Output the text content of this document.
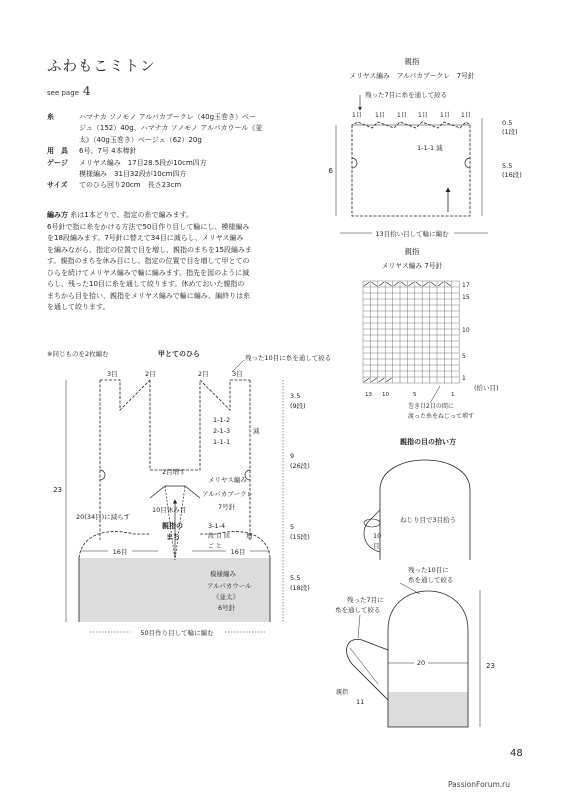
ふわもこミトン
see page 4
糸	ハマナカ ソノモノ アルパカブークレ（40g玉巻き）ベー
ジュ（152）40g、ハマナカ ソノモノ アルパカウール《並
太》（40g玉巻き）ベージュ（62）20g
用　具	6号、7号 4本棒針
ゲージ	メリヤス編み　17目28.5段が10cm四方
模様編み　31目32段が10cm四方
サイズ	てのひら回り20cm　長さ23cm
編み方 糸は1本どりで、指定の糸で編みます。
6号針で指に糸をかける方法で50目作り目して輪にし、模様編み
を18段編みます。7号針に替えて34目に減らし、メリヤス編み
を編みながら、指定の位置で目を増し、親指のまちを15段編みま
す。親指のまちを休み目にし、指定の位置で目を増して甲とての
ひらを続けてメリヤス編みで輪に編みます。指先を図のように減
らし、残った10目に糸を通して絞ります。休めておいた親指の
まちから目を拾い、親指をメリヤス編みで輪に編み、編終りは糸
を通して絞ります。
親指
メリヤス編み　アルパカブークレ　7号針
残った7目に糸を通して絞る
1目 1目 1目 1目 1目 1目
1-1-1 減
6
0.5
(1段)
5.5
(16段)
13目拾い目して輪に編む
親指
メリヤス編み 7号針
17
15
10
5
1
(拾い目)
13 10	5	1
巻き目2目の間に
渡った糸をねじって増す
※同じものを2枚編む	甲とてのひら	残った10目に糸を通して絞る
3目	2目	2目	3目
1-1-2
2-1-3
1-1-1
減
3.5
(9段)
9
(26段)
5
(15段)
5.5
(18段)
23
2目増す
メリヤス編み
アルパカブークレ
7号針
10目休み目
20(34目)に減らす
親指の
まち
3-1-4
段 目 回
ご と
増
16目	16目
模様編み
アルパカウール
《並太》
6号針
50目作り目して輪に編む
親指の目の拾い方
ねじり目で3目拾う
10
目
残った10目に
糸を通して絞る
残った7目に
糸を通して絞る
20	23
11
親指
48
PassionForum.ru
